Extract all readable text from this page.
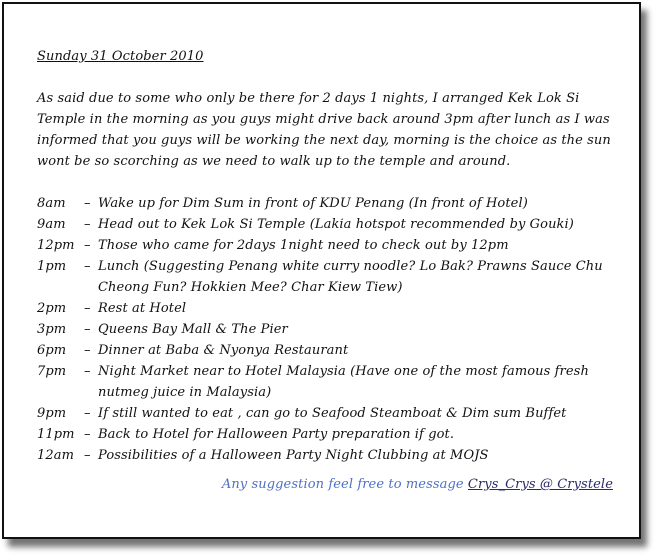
Sunday 31 October 2010
As said due to some who only be there for 2 days 1 nights, I arranged Kek Lok Si Temple in the morning as you guys might drive back around 3pm after lunch as I was informed that you guys will be working the next day, morning is the choice as the sun wont be so scorching as we need to walk up to the temple and around.
8am	– Wake up for Dim Sum in front of KDU Penang (In front of Hotel)
9am	– Head out to Kek Lok Si Temple (Lakia hotspot recommended by Gouki)
12pm – Those who came for 2days 1night need to check out by 12pm
1pm	– Lunch (Suggesting Penang white curry noodle? Lo Bak? Prawns Sauce Chu Cheong Fun? Hokkien Mee? Char Kiew Tiew)
2pm	– Rest at Hotel
3pm	– Queens Bay Mall & The Pier
6pm	– Dinner at Baba & Nyonya Restaurant
7pm	– Night Market near to Hotel Malaysia (Have one of the most famous fresh nutmeg juice in Malaysia)
9pm	– If still wanted to eat , can go to Seafood Steamboat & Dim sum Buffet
11pm – Back to Hotel for Halloween Party preparation if got.
12am – Possibilities of a Halloween Party Night Clubbing at MOJS
Any suggestion feel free to message Crys_Crys @ Crystele
